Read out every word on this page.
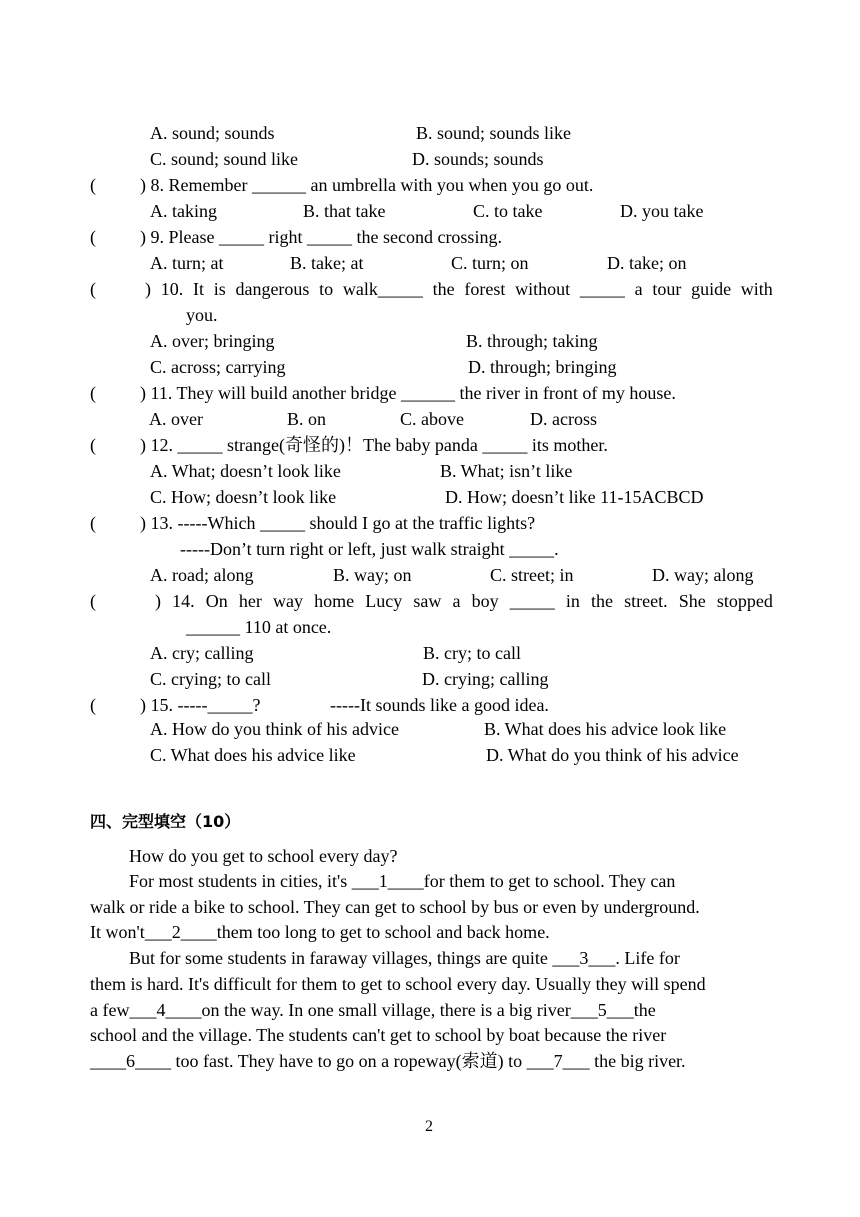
A. sound; sounds	B. sound; sounds like
C. sound; sound like	D. sounds; sounds
( ) 8. Remember ______ an umbrella with you when you go out.
A. taking	B. that take	C. to take	D. you take
( ) 9. Please _____ right _____ the second crossing.
A. turn; at	B. take; at	C. turn; on	D. take; on
(	) 10. It is dangerous to walk_____ the forest without _____ a tour guide with
you.
A. over; bringing	B. through; taking
C. across; carrying	D. through; bringing
( ) 11. They will build another bridge ______ the river in front of my house.
A. over	B. on	C. above	D. across
( ) 12. _____ strange(奇怪的)！The baby panda _____ its mother.
A. What; doesn’t look like	B. What; isn’t like
C. How; doesn’t look like	D. How; doesn’t like 11-15ACBCD
( ) 13. -----Which _____ should I go at the traffic lights?
-----Don’t turn right or left, just walk straight _____.
A. road; along	B. way; on	C. street; in	D. way; along
(	) 14. On her way home Lucy saw a boy _____ in the street. She stopped
______ 110 at once.
A. cry; calling	B. cry; to call
C. crying; to call	D. crying; calling
( ) 15. -----_____?	-----It sounds like a good idea.
A. How do you think of his advice	B. What does his advice look like
C. What does his advice like	D. What do you think of his advice
四、完型填空（10）
How do you get to school every day?
For most students in cities, it's ___1____for them to get to school. They can
walk or ride a bike to school. They can get to school by bus or even by underground.
It won't___2____them too long to get to school and back home.
But for some students in faraway villages, things are quite ___3___. Life for
them is hard. It's difficult for them to get to school every day. Usually they will spend
a few___4____on the way. In one small village, there is a big river___5___the
school and the village. The students can't get to school by boat because the river
____6____ too fast. They have to go on a ropeway(索道) to ___7___ the big river.
2
